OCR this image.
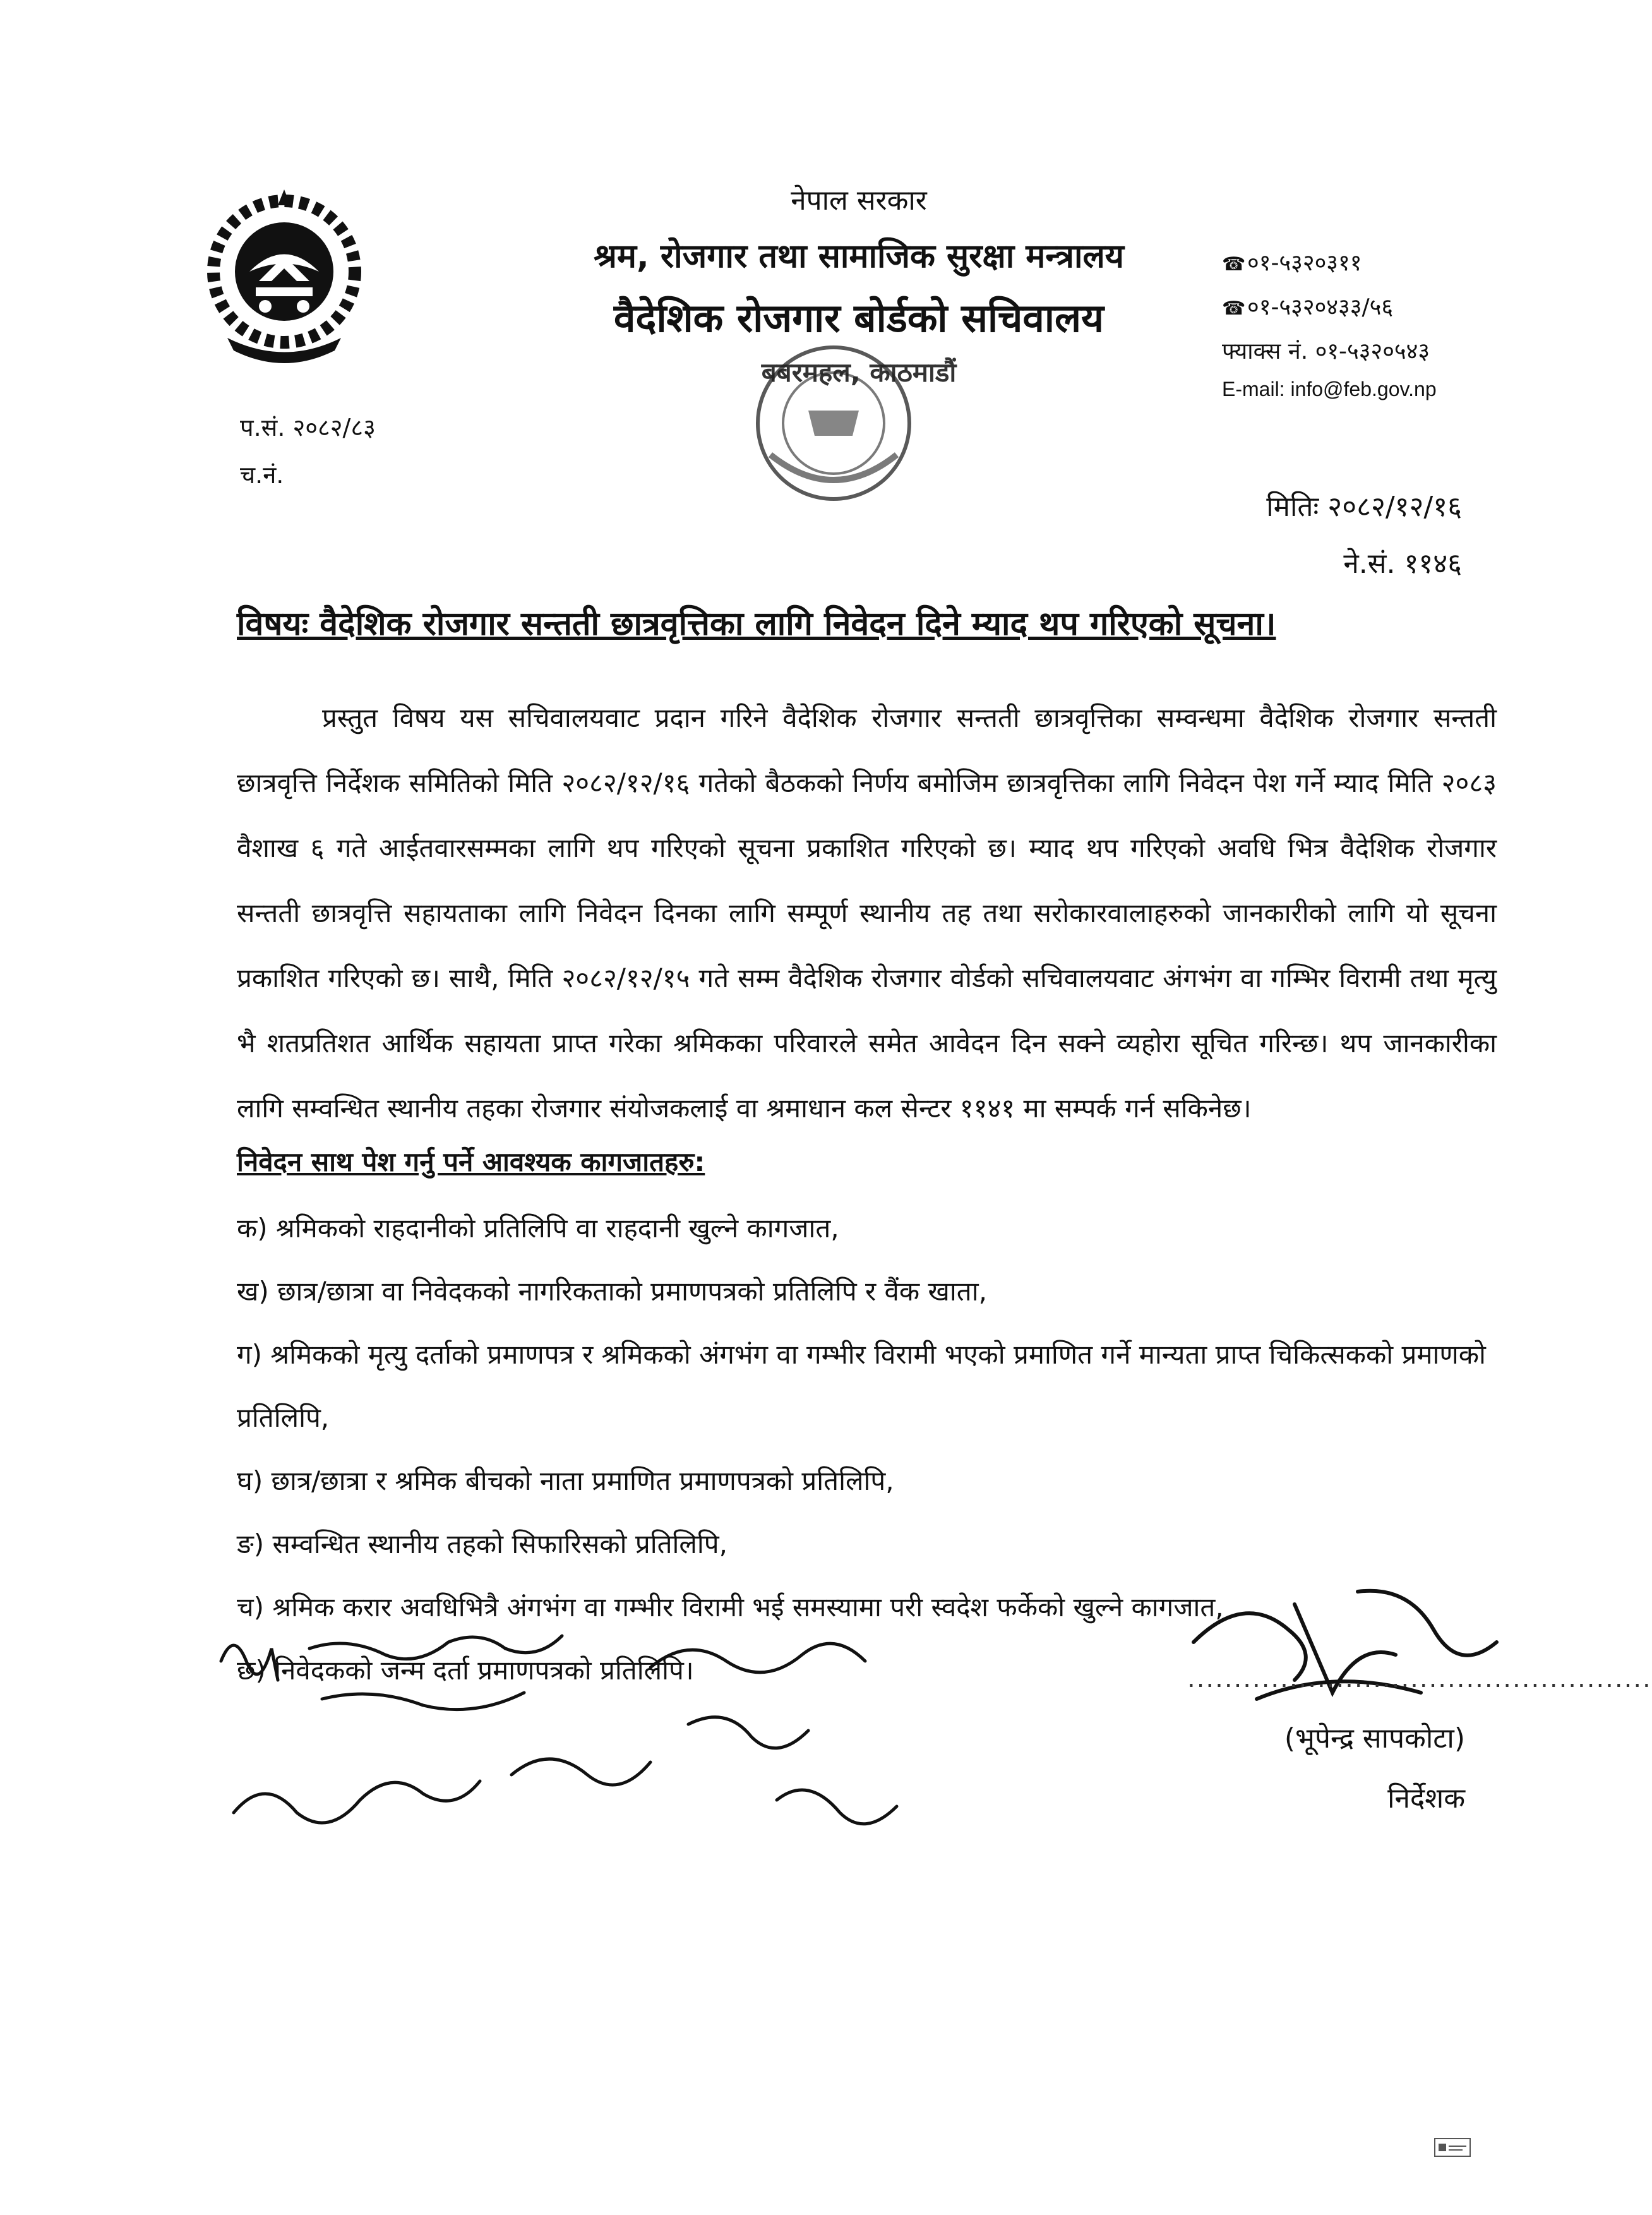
नेपाल सरकार
श्रम, रोजगार तथा सामाजिक सुरक्षा मन्त्रालय
वैदेशिक रोजगार बोर्डको सचिवालय
बबरमहल, काठमाडौं
☎०१-५३२०३११
☎०१-५३२०४३३/५६
फ्याक्स नं. ०१-५३२०५४३
E-mail: info@feb.gov.np
प.सं. २०८२/८३
च.नं.
मितिः २०८२/१२/१६
ने.सं. ११४६
विषयः वैदेशिक रोजगार सन्तती छात्रवृत्तिका लागि निवेदन दिने म्याद थप गरिएको सूचना।

प्रस्तुत विषय यस सचिवालयवाट प्रदान गरिने वैदेशिक रोजगार सन्तती छात्रवृत्तिका सम्वन्धमा वैदेशिक रोजगार सन्तती छात्रवृत्ति निर्देशक समितिको मिति २०८२/१२/१६ गतेको बैठकको निर्णय बमोजिम छात्रवृत्तिका लागि निवेदन पेश गर्ने म्याद मिति २०८३ वैशाख ६ गते आईतवारसम्मका लागि थप गरिएको सूचना प्रकाशित गरिएको छ। म्याद थप गरिएको अवधि भित्र वैदेशिक रोजगार सन्तती छात्रवृत्ति सहायताका लागि निवेदन दिनका लागि सम्पूर्ण स्थानीय तह तथा सरोकारवालाहरुको जानकारीको लागि यो सूचना प्रकाशित गरिएको छ। साथै, मिति २०८२/१२/१५ गते सम्म वैदेशिक रोजगार वोर्डको सचिवालयवाट अंगभंग वा गम्भिर विरामी तथा मृत्यु भै शतप्रतिशत आर्थिक सहायता प्राप्त गरेका श्रमिकका परिवारले समेत आवेदन दिन सक्ने व्यहोरा सूचित गरिन्छ। थप जानकारीका लागि सम्वन्धित स्थानीय तहका रोजगार संयोजकलाई वा श्रमाधान कल सेन्टर ११४१ मा सम्पर्क गर्न सकिनेछ।

निवेदन साथ पेश गर्नु पर्ने आवश्यक कागजातहरु:
क) श्रमिकको राहदानीको प्रतिलिपि वा राहदानी खुल्ने कागजात,
ख) छात्र/छात्रा वा निवेदकको नागरिकताको प्रमाणपत्रको प्रतिलिपि र वैंक खाता,
ग) श्रमिकको मृत्यु दर्ताको प्रमाणपत्र र श्रमिकको अंगभंग वा गम्भीर विरामी भएको प्रमाणित गर्ने मान्यता प्राप्त चिकित्सकको प्रमाणको प्रतिलिपि,
घ) छात्र/छात्रा र श्रमिक बीचको नाता प्रमाणित प्रमाणपत्रको प्रतिलिपि,
ङ) सम्वन्धित स्थानीय तहको सिफारिसको प्रतिलिपि,
च) श्रमिक करार अवधिभित्रै अंगभंग वा गम्भीर विरामी भई समस्यामा परी स्वदेश फर्केको खुल्ने कागजात,
छ) निवेदकको जन्म दर्ता प्रमाणपत्रको प्रतिलिपि।	..................................................
(भूपेन्द्र सापकोटा)
निर्देशक
